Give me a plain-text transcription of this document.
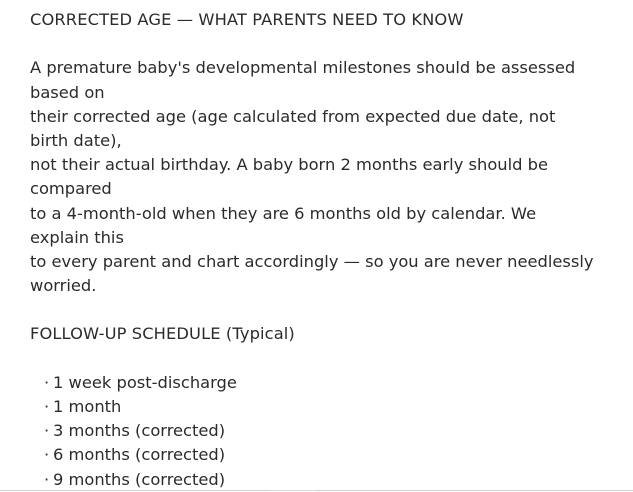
CORRECTED AGE — WHAT PARENTS NEED TO KNOW
A premature baby's developmental milestones should be assessed
based on
their corrected age (age calculated from expected due date, not
birth date),
not their actual birthday. A baby born 2 months early should be
compared
to a 4-month-old when they are 6 months old by calendar. We
explain this
to every parent and chart accordingly — so you are never needlessly
worried.
FOLLOW-UP SCHEDULE (Typical)
· 1 week post-discharge
· 1 month
· 3 months (corrected)
· 6 months (corrected)
· 9 months (corrected)
